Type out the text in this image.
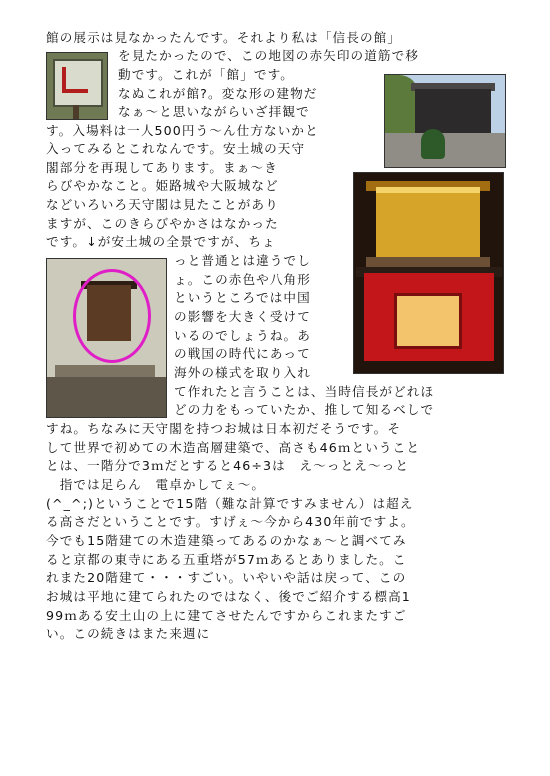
館の展示は見なかったんです。それより私は「信長の館」
を見たかったので、この地図の赤矢印の道筋で移
動です。これが「館」です。
なぬこれが館?。変な形の建物だ
なぁ〜と思いながらいざ拝観で
す。入場料は一人500円う〜ん仕方ないかと
入ってみるとこれなんです。安土城の天守
閣部分を再現してあります。まぁ〜き
らびやかなこと。姫路城や大阪城など
などいろいろ天守閣は見たことがあり
ますが、このきらびやかさはなかった
です。↓が安土城の全景ですが、ちょ
っと普通とは違うでし
ょ。この赤色や八角形
というところでは中国
の影響を大きく受けて
いるのでしょうね。あ
の戦国の時代にあって
海外の様式を取り入れ
て作れたと言うことは、当時信長がどれほ
どの力をもっていたか、推して知るべしで
すね。ちなみに天守閣を持つお城は日本初だそうです。そ
して世界で初めての木造高層建築で、高さも46ｍということ
とは、一階分で3ｍだとすると46÷3は　え〜っとえ〜っと
　指では足らん　電卓かしてぇ〜。
(^_^;)ということで15階（難な計算ですみません）は超え
る高さだということです。すげぇ〜今から430年前ですよ。
今でも15階建ての木造建築ってあるのかなぁ〜と調べてみ
ると京都の東寺にある五重塔が57ｍあるとありました。こ
れまた20階建て・・・すごい。いやいや話は戻って、この
お城は平地に建てられたのではなく、後でご紹介する標高1
99ｍある安土山の上に建てさせたんですからこれまたすご
い。この続きはまた来週に
